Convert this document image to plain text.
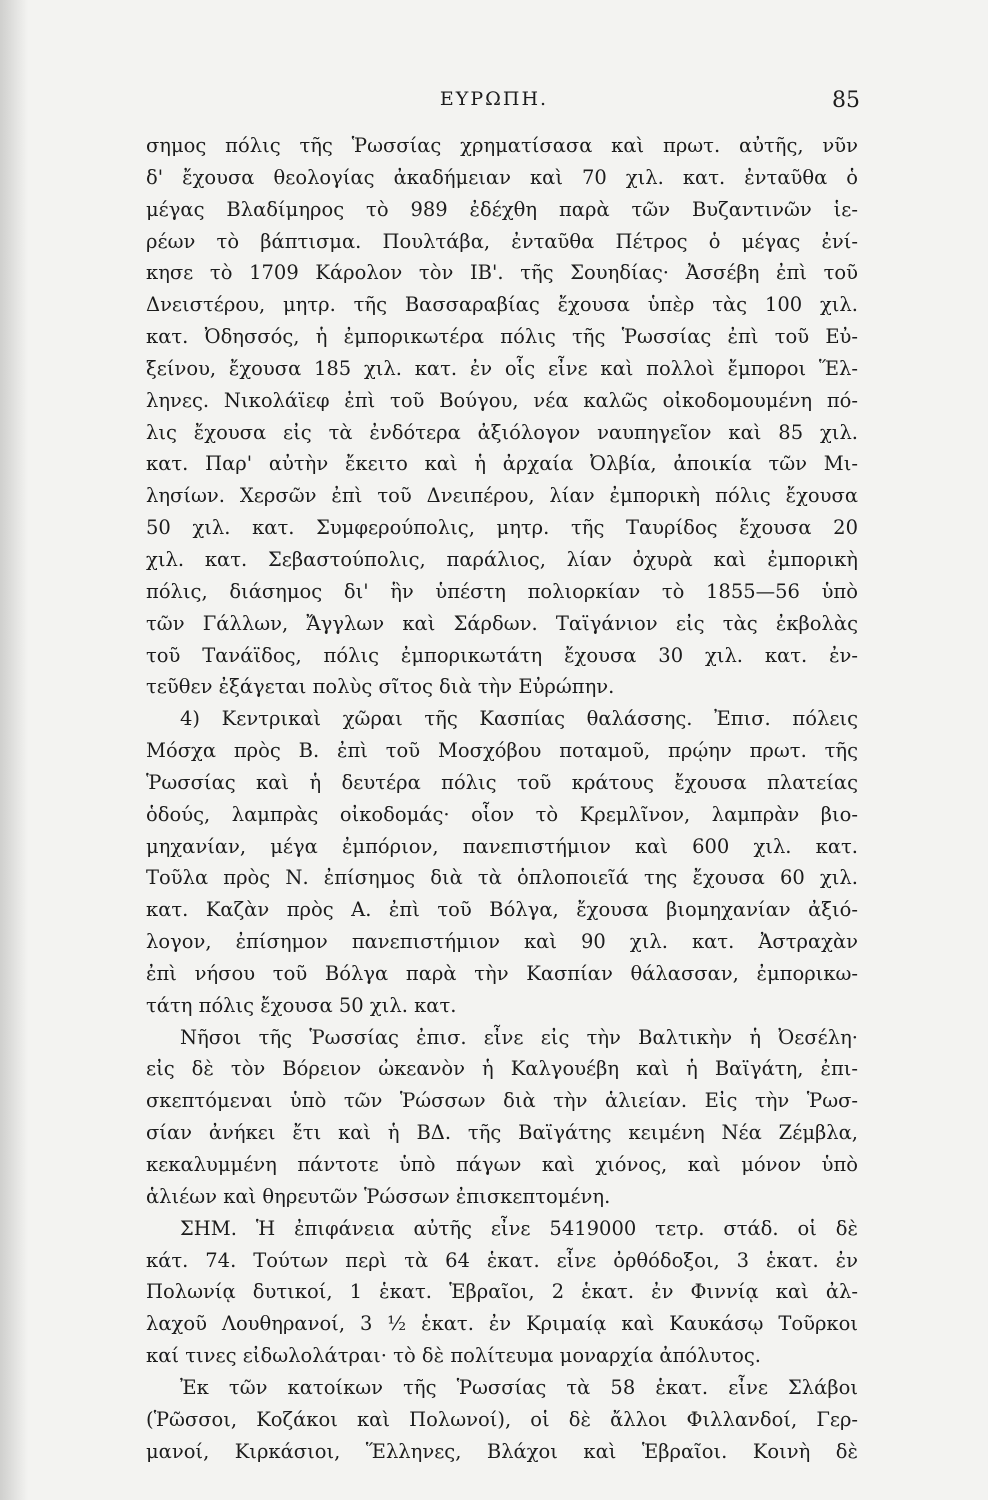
ΕΥΡΩΠΗ.	85
σημος πόλις τῆς Ῥωσσίας χρηματίσασα καὶ πρωτ. αὐτῆς, νῦν
δ' ἔχουσα θεολογίας ἀκαδήμειαν καὶ 70 χιλ. κατ. ἐνταῦθα ὁ
μέγας Βλαδίμηρος τὸ 989 ἐδέχθη παρὰ τῶν Βυζαντινῶν ἱε-
ρέων τὸ βάπτισμα. Πουλτάβα, ἐνταῦθα Πέτρος ὁ μέγας ἐνί-
κησε τὸ 1709 Κάρολον τὸν ΙΒ'. τῆς Σουηδίας· Ἀσσέβη ἐπὶ τοῦ
Δνειστέρου, μητρ. τῆς Βασσαραβίας ἔχουσα ὑπὲρ τὰς 100 χιλ.
κατ. Ὀδησσός, ἡ ἐμπορικωτέρα πόλις τῆς Ῥωσσίας ἐπὶ τοῦ Εὐ-
ξείνου, ἔχουσα 185 χιλ. κατ. ἐν οἷς εἶνε καὶ πολλοὶ ἔμποροι Ἕλ-
ληνες. Νικολάϊεφ ἐπὶ τοῦ Βούγου, νέα καλῶς οἰκοδομουμένη πό-
λις ἔχουσα εἰς τὰ ἐνδότερα ἀξιόλογον ναυπηγεῖον καὶ 85 χιλ.
κατ. Παρ' αὐτὴν ἔκειτο καὶ ἡ ἀρχαία Ὀλβία, ἀποικία τῶν Μι-
λησίων. Χερσῶν ἐπὶ τοῦ Δνειπέρου, λίαν ἐμπορικὴ πόλις ἔχουσα
50 χιλ. κατ. Συμφερούπολις, μητρ. τῆς Ταυρίδος ἔχουσα 20
χιλ. κατ. Σεβαστούπολις, παράλιος, λίαν ὀχυρὰ καὶ ἐμπορικὴ
πόλις, διάσημος δι' ἣν ὑπέστη πολιορκίαν τὸ 1855—56 ὑπὸ
τῶν Γάλλων, Ἄγγλων καὶ Σάρδων. Ταϊγάνιον εἰς τὰς ἐκβολὰς
τοῦ Τανάϊδος, πόλις ἐμπορικωτάτη ἔχουσα 30 χιλ. κατ. ἐν-
τεῦθεν ἐξάγεται πολὺς σῖτος διὰ τὴν Εὐρώπην.
4) Κεντρικαὶ χῶραι τῆς Κασπίας θαλάσσης. Ἐπισ. πόλεις
Μόσχα πρὸς Β. ἐπὶ τοῦ Μοσχόβου ποταμοῦ, πρῴην πρωτ. τῆς
Ῥωσσίας καὶ ἡ δευτέρα πόλις τοῦ κράτους ἔχουσα πλατείας
ὁδούς, λαμπρὰς οἰκοδομάς· οἷον τὸ Κρεμλῖνον, λαμπρὰν βιο-
μηχανίαν, μέγα ἐμπόριον, πανεπιστήμιον καὶ 600 χιλ. κατ.
Τοῦλα πρὸς Ν. ἐπίσημος διὰ τὰ ὁπλοποιεῖά της ἔχουσα 60 χιλ.
κατ. Καζὰν πρὸς Α. ἐπὶ τοῦ Βόλγα, ἔχουσα βιομηχανίαν ἀξιό-
λογον, ἐπίσημον πανεπιστήμιον καὶ 90 χιλ. κατ. Ἀστραχὰν
ἐπὶ νήσου τοῦ Βόλγα παρὰ τὴν Κασπίαν θάλασσαν, ἐμπορικω-
τάτη πόλις ἔχουσα 50 χιλ. κατ.
Νῆσοι τῆς Ῥωσσίας ἐπισ. εἶνε εἰς τὴν Βαλτικὴν ἡ Ὀεσέλη·
εἰς δὲ τὸν Βόρειον ὠκεανὸν ἡ Καλγουέβη καὶ ἡ Βαϊγάτη, ἐπι-
σκεπτόμεναι ὑπὸ τῶν Ῥώσσων διὰ τὴν ἁλιείαν. Εἰς τὴν Ῥωσ-
σίαν ἀνήκει ἔτι καὶ ἡ ΒΔ. τῆς Βαϊγάτης κειμένη Νέα Ζέμβλα,
κεκαλυμμένη πάντοτε ὑπὸ πάγων καὶ χιόνος, καὶ μόνον ὑπὸ
ἁλιέων καὶ θηρευτῶν Ῥώσσων ἐπισκεπτομένη.
ΣΗΜ. Ἡ ἐπιφάνεια αὐτῆς εἶνε 5419000 τετρ. στάδ. οἱ δὲ
κάτ. 74. Τούτων περὶ τὰ 64 ἑκατ. εἶνε ὀρθόδοξοι, 3 ἑκατ. ἐν
Πολωνίᾳ δυτικοί, 1 ἑκατ. Ἑβραῖοι, 2 ἑκατ. ἐν Φιννίᾳ καὶ ἀλ-
λαχοῦ Λουθηρανοί, 3 ½ ἑκατ. ἐν Κριμαίᾳ καὶ Καυκάσῳ Τοῦρκοι
καί τινες εἰδωλολάτραι· τὸ δὲ πολίτευμα μοναρχία ἀπόλυτος.
Ἐκ τῶν κατοίκων τῆς Ῥωσσίας τὰ 58 ἑκατ. εἶνε Σλάβοι
(Ῥῶσσοι, Κοζάκοι καὶ Πολωνοί), οἱ δὲ ἄλλοι Φιλλανδοί, Γερ-
μανοί, Κιρκάσιοι, Ἕλληνες, Βλάχοι καὶ Ἑβραῖοι. Κοινὴ δὲ
